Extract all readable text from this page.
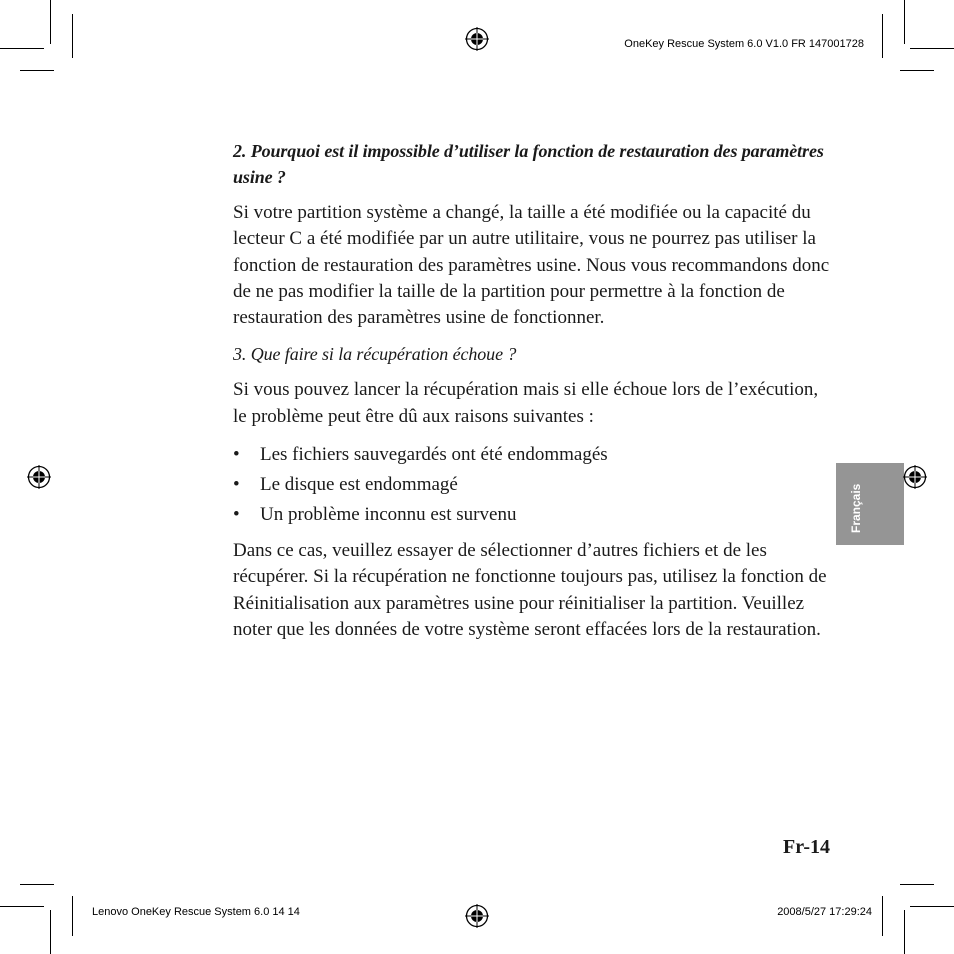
OneKey Rescue System 6.0 V1.0 FR 147001728
Lenovo OneKey Rescue System 6.0 14 14	2008/5/27 17:29:24

2. Pourquoi est il impossible d’utiliser la fonction de restauration des paramètres usine ?

Si votre partition système a changé, la taille a été modifiée ou la capacité du lecteur C a été modifiée par un autre utilitaire, vous ne pourrez pas utiliser la fonction de restauration des paramètres usine. Nous vous recommandons donc de ne pas modifier la taille de la partition pour permettre à la fonction de restauration des paramètres usine de fonctionner.

3. Que faire si la récupération échoue ?

Si vous pouvez lancer la récupération mais si elle échoue lors de l’exécution, le problème peut être dû aux raisons suivantes :

• Les fichiers sauvegardés ont été endommagés
• Le disque est endommagé
• Un problème inconnu est survenu

Dans ce cas, veuillez essayer de sélectionner d’autres fichiers et de les récupérer. Si la récupération ne fonctionne toujours pas, utilisez la fonction de Réinitialisation aux paramètres usine pour réinitialiser la partition. Veuillez noter que les données de votre système seront effacées lors de la restauration.

Français
Fr-14
